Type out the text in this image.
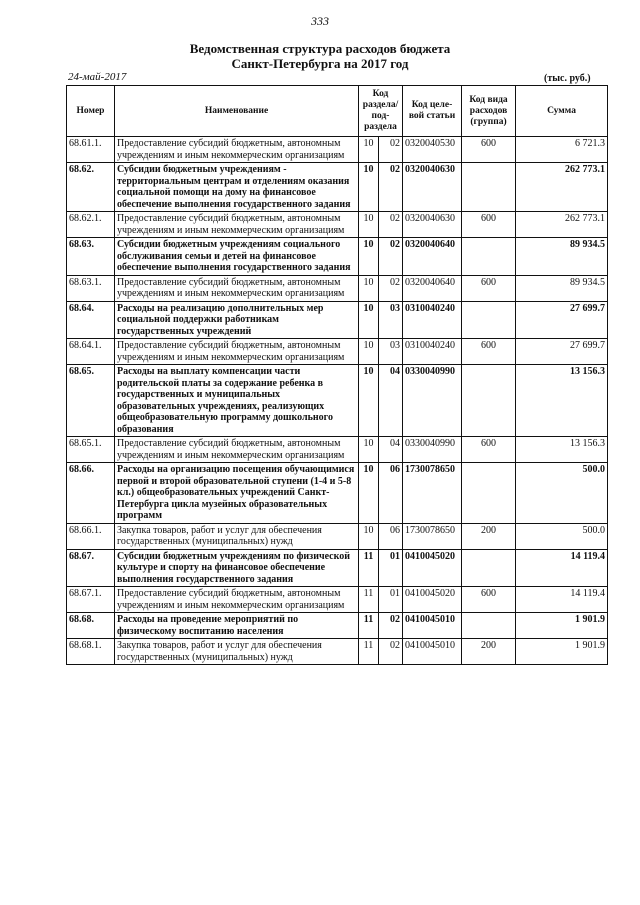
333
Ведомственная структура расходов бюджета
Санкт-Петербурга на 2017 год
24-май-2017	(тыс. руб.)
Номер	Наименование	Код раздела/ под-раздела		Код целе-вой статьи	Код вида расходов (группа)	Сумма
68.61.1.	Предоставление субсидий бюджетным, автономным учреждениям и иным некоммерческим организациям	10	02	0320040530	600	6 721.3
68.62.	Субсидии бюджетным учреждениям - территориальным центрам и отделениям оказания социальной помощи на дому на финансовое обеспечение выполнения государственного задания	10	02	0320040630		262 773.1
68.62.1.	Предоставление субсидий бюджетным, автономным учреждениям и иным некоммерческим организациям	10	02	0320040630	600	262 773.1
68.63.	Субсидии бюджетным учреждениям социального обслуживания семьи и детей на финансовое обеспечение выполнения государственного задания	10	02	0320040640		89 934.5
68.63.1.	Предоставление субсидий бюджетным, автономным учреждениям и иным некоммерческим организациям	10	02	0320040640	600	89 934.5
68.64.	Расходы на реализацию дополнительных мер социальной поддержки работникам государственных учреждений	10	03	0310040240		27 699.7
68.64.1.	Предоставление субсидий бюджетным, автономным учреждениям и иным некоммерческим организациям	10	03	0310040240	600	27 699.7
68.65.	Расходы на выплату компенсации части родительской платы за содержание ребенка в государственных и муниципальных образовательных учреждениях, реализующих общеобразовательную программу дошкольного образования	10	04	0330040990		13 156.3
68.65.1.	Предоставление субсидий бюджетным, автономным учреждениям и иным некоммерческим организациям	10	04	0330040990	600	13 156.3
68.66.	Расходы на организацию посещения обучающимися первой и второй образовательной ступени (1-4 и 5-8 кл.) общеобразовательных учреждений Санкт-Петербурга цикла музейных образовательных программ	10	06	1730078650		500.0
68.66.1.	Закупка товаров, работ и услуг для обеспечения государственных (муниципальных) нужд	10	06	1730078650	200	500.0
68.67.	Субсидии бюджетным учреждениям по физической культуре и спорту на финансовое обеспечение выполнения государственного задания	11	01	0410045020		14 119.4
68.67.1.	Предоставление субсидий бюджетным, автономным учреждениям и иным некоммерческим организациям	11	01	0410045020	600	14 119.4
68.68.	Расходы на проведение мероприятий по физическому воспитанию населения	11	02	0410045010		1 901.9
68.68.1.	Закупка товаров, работ и услуг для обеспечения государственных (муниципальных) нужд	11	02	0410045010	200	1 901.9
